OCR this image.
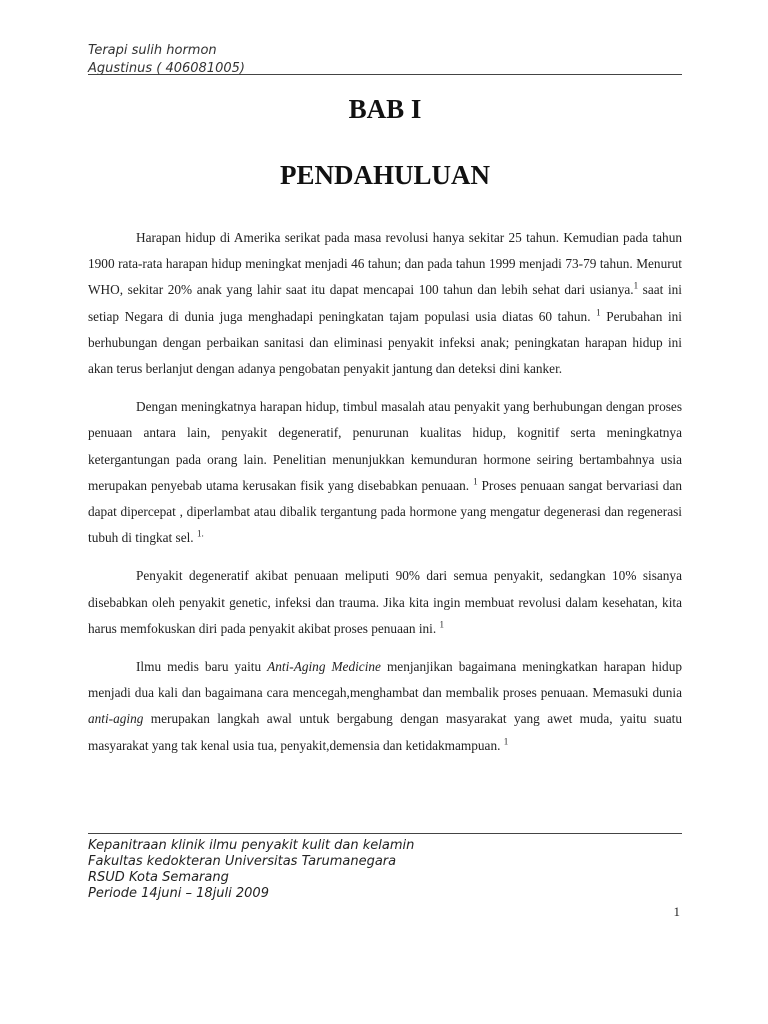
Terapi sulih hormon
Agustinus ( 406081005)
BAB I
PENDAHULUAN

Harapan hidup di Amerika serikat pada masa revolusi hanya sekitar 25 tahun. Kemudian pada tahun 1900 rata-rata harapan hidup meningkat menjadi 46 tahun; dan pada tahun 1999 menjadi 73-79 tahun. Menurut WHO, sekitar 20% anak yang lahir saat itu dapat mencapai 100 tahun dan lebih sehat dari usianya.$^1$ saat ini setiap Negara di dunia juga menghadapi peningkatan tajam populasi usia diatas 60 tahun. $^1$ Perubahan ini berhubungan dengan perbaikan sanitasi dan eliminasi penyakit infeksi anak; peningkatan harapan hidup ini akan terus berlanjut dengan adanya pengobatan penyakit jantung dan deteksi dini kanker.

Dengan meningkatnya harapan hidup, timbul masalah atau penyakit yang berhubungan dengan proses penuaan antara lain, penyakit degeneratif, penurunan kualitas hidup, kognitif serta meningkatnya ketergantungan pada orang lain. Penelitian menunjukkan kemunduran hormone seiring bertambahnya usia merupakan penyebab utama kerusakan fisik yang disebabkan penuaan. $^1$ Proses penuaan sangat bervariasi dan dapat dipercepat , diperlambat atau dibalik tergantung pada hormone yang mengatur degenerasi dan regenerasi tubuh di tingkat sel. $^{1.}$

Penyakit degeneratif akibat penuaan meliputi 90% dari semua penyakit, sedangkan 10% sisanya disebabkan oleh penyakit genetic, infeksi dan trauma. Jika kita ingin membuat revolusi dalam kesehatan, kita harus memfokuskan diri pada penyakit akibat proses penuaan ini. $^1$

Ilmu medis baru yaitu Anti-Aging Medicine menjanjikan bagaimana meningkatkan harapan hidup menjadi dua kali dan bagaimana cara mencegah,menghambat dan membalik proses penuaan. Memasuki dunia anti-aging merupakan langkah awal untuk bergabung dengan masyarakat yang awet muda, yaitu suatu masyarakat yang tak kenal usia tua, penyakit,demensia dan ketidakmampuan. $^1$

Kepanitraan klinik ilmu penyakit kulit dan kelamin
Fakultas kedokteran Universitas Tarumanegara
RSUD Kota Semarang
Periode 14juni – 18juli 2009
1
